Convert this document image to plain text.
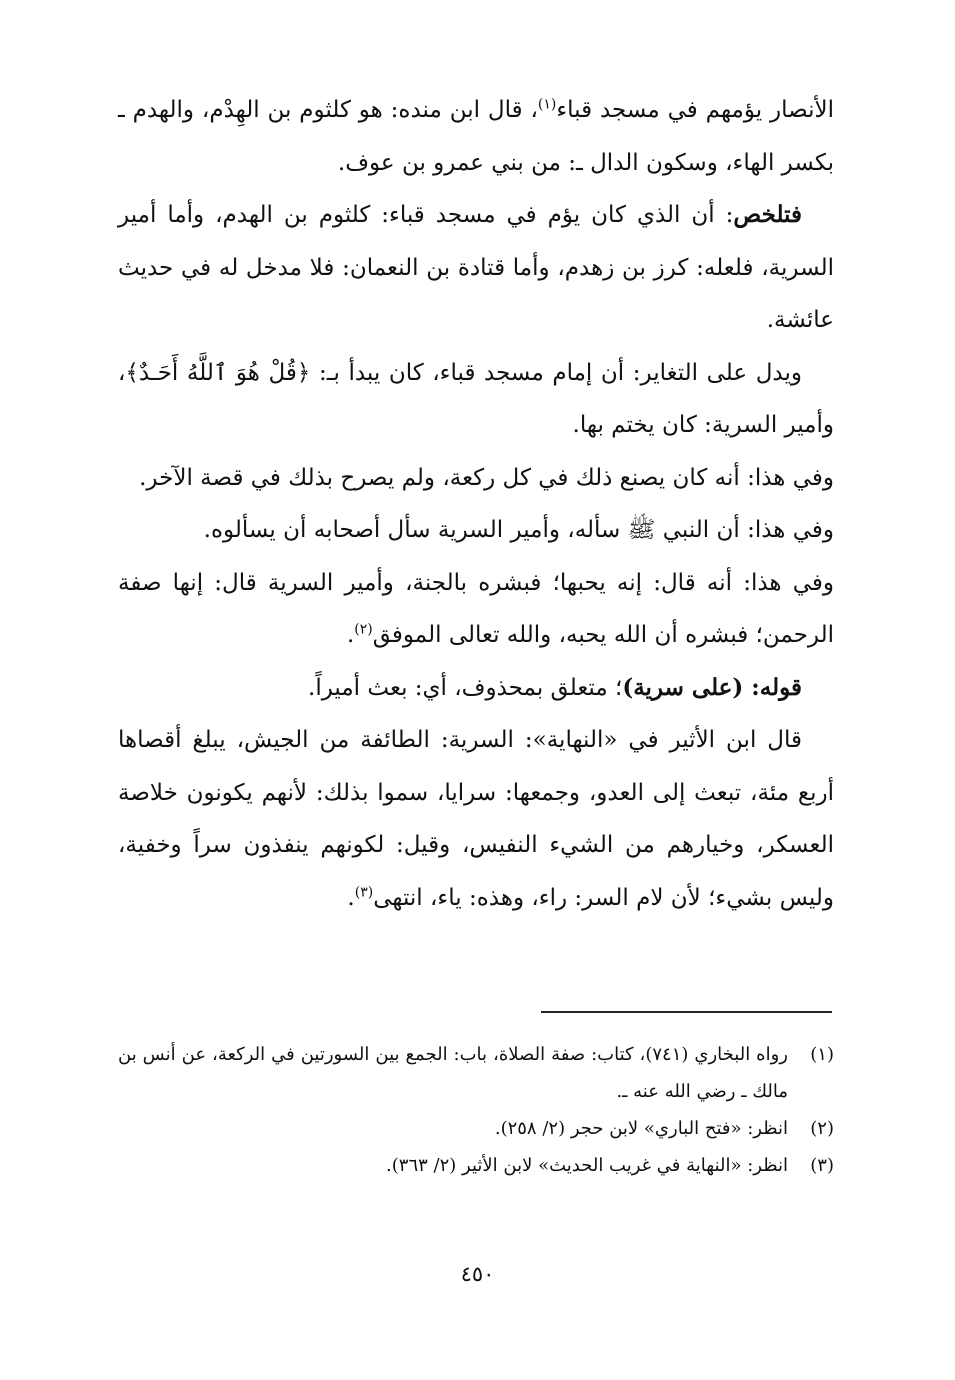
الأنصار يؤمهم في مسجد قباء$^{(١)}$، قال ابن منده: هو كلثوم بن الهِدْم، والهدم ـ بكسر الهاء، وسكون الدال ـ: من بني عمرو بن عوف.

فتلخص: أن الذي كان يؤم في مسجد قباء: كلثوم بن الهدم، وأما أمير السرية، فلعله: كرز بن زهدم، وأما قتادة بن النعمان: فلا مدخل له في حديث عائشة.

ويدل على التغاير: أن إمام مسجد قباء، كان يبدأ بـ: ﴿قُلْ هُوَ ٱللَّهُ أَحَـدٌ﴾، وأمير السرية: كان يختم بها.

وفي هذا: أنه كان يصنع ذلك في كل ركعة، ولم يصرح بذلك في قصة الآخر.

وفي هذا: أن النبي ﷺ سأله، وأمير السرية سأل أصحابه أن يسألوه.

وفي هذا: أنه قال: إنه يحبها؛ فبشره بالجنة، وأمير السرية قال: إنها صفة الرحمن؛ فبشره أن الله يحبه، والله تعالى الموفق$^{(٢)}$.

قوله: (على سرية)؛ متعلق بمحذوف، أي: بعث أميراً.

قال ابن الأثير في «النهاية»: السرية: الطائفة من الجيش، يبلغ أقصاها أربع مئة، تبعث إلى العدو، وجمعها: سرايا، سموا بذلك: لأنهم يكونون خلاصة العسكر، وخيارهم من الشيء النفيس، وقيل: لكونهم ينفذون سراً وخفية، وليس بشيء؛ لأن لام السر: راء، وهذه: ياء، انتهى$^{(٣)}$.

(١)
رواه البخاري (٧٤١)، كتاب: صفة الصلاة، باب: الجمع بين السورتين في الركعة، عن أنس بن مالك ـ رضي الله عنه ـ.
(٢)
انظر: «فتح الباري» لابن حجر (٢/ ٢٥٨).
(٣)
انظر: «النهاية في غريب الحديث» لابن الأثير (٢/ ٣٦٣).
٤٥٠
